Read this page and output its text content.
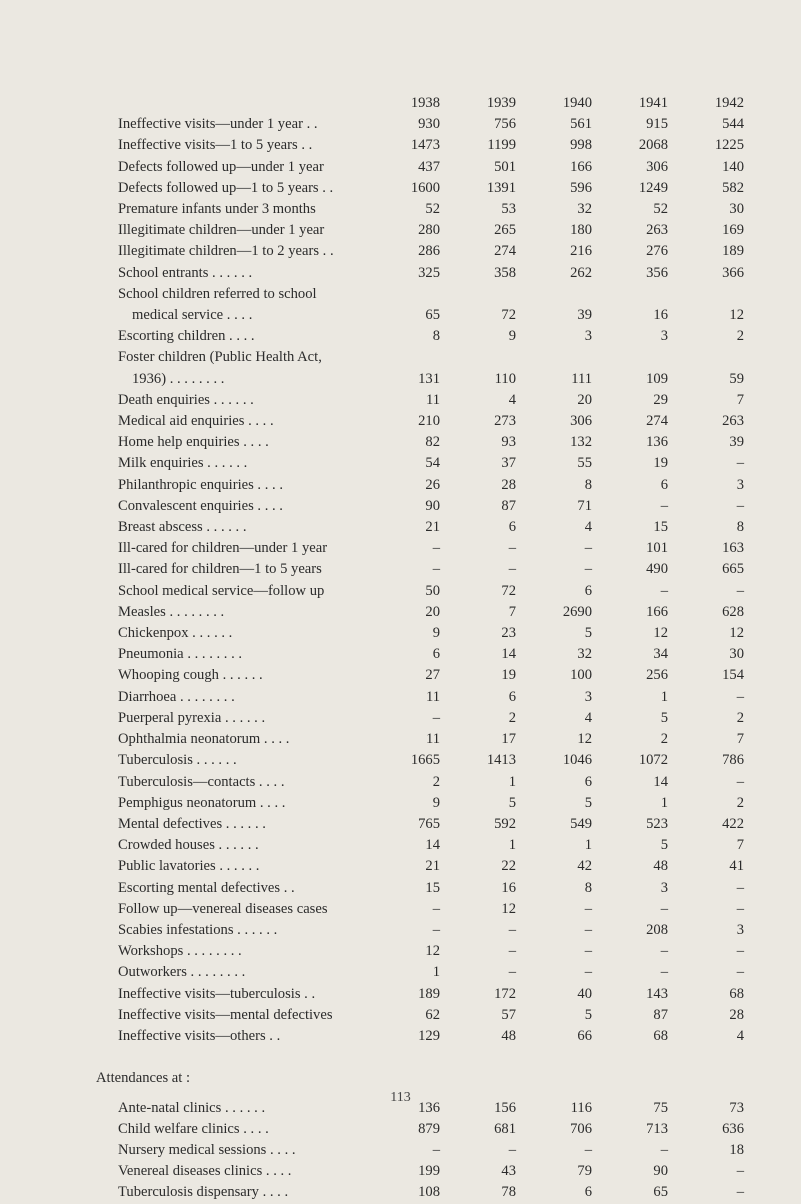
	1938	1939	1940	1941	1942
Ineffective visits—under 1 year . .	930	756	561	915	544
Ineffective visits—1 to 5 years . .	1473	1199	998	2068	1225
Defects followed up—under 1 year	437	501	166	306	140
Defects followed up—1 to 5 years . .	1600	1391	596	1249	582
Premature infants under 3 months	52	53	32	52	30
Illegitimate children—under 1 year	280	265	180	263	169
Illegitimate children—1 to 2 years . .	286	274	216	276	189
School entrants . . . . . .	325	358	262	356	366
School children referred to school					
medical service . . . .	65	72	39	16	12
Escorting children . . . .	8	9	3	3	2
Foster children (Public Health Act,					
1936) . . . . . . . .	131	110	111	109	59
Death enquiries . . . . . .	11	4	20	29	7
Medical aid enquiries . . . .	210	273	306	274	263
Home help enquiries . . . .	82	93	132	136	39
Milk enquiries . . . . . .	54	37	55	19	–
Philanthropic enquiries . . . .	26	28	8	6	3
Convalescent enquiries . . . .	90	87	71	–	–
Breast abscess . . . . . .	21	6	4	15	8
Ill-cared for children—under 1 year	–	–	–	101	163
Ill-cared for children—1 to 5 years	–	–	–	490	665
School medical service—follow up	50	72	6	–	–
Measles . . . . . . . .	20	7	2690	166	628
Chickenpox . . . . . .	9	23	5	12	12
Pneumonia . . . . . . . .	6	14	32	34	30
Whooping cough . . . . . .	27	19	100	256	154
Diarrhoea . . . . . . . .	11	6	3	1	–
Puerperal pyrexia . . . . . .	–	2	4	5	2
Ophthalmia neonatorum . . . .	11	17	12	2	7
Tuberculosis . . . . . .	1665	1413	1046	1072	786
Tuberculosis—contacts . . . .	2	1	6	14	–
Pemphigus neonatorum . . . .	9	5	5	1	2
Mental defectives . . . . . .	765	592	549	523	422
Crowded houses . . . . . .	14	1	1	5	7
Public lavatories . . . . . .	21	22	42	48	41
Escorting mental defectives . .	15	16	8	3	–
Follow up—venereal diseases cases	–	12	–	–	–
Scabies infestations . . . . . .	–	–	–	208	3
Workshops . . . . . . . .	12	–	–	–	–
Outworkers . . . . . . . .	1	–	–	–	–
Ineffective visits—tuberculosis . .	189	172	40	143	68
Ineffective visits—mental defectives	62	57	5	87	28
Ineffective visits—others . .	129	48	66	68	4

Attendances at :

Ante-natal clinics . . . . . .	136	156	116	75	73
Child welfare clinics . . . .	879	681	706	713	636
Nursery medical sessions . . . .	–	–	–	–	18
Venereal diseases clinics . . . .	199	43	79	90	–
Tuberculosis dispensary . . . .	108	78	6	65	–
113
